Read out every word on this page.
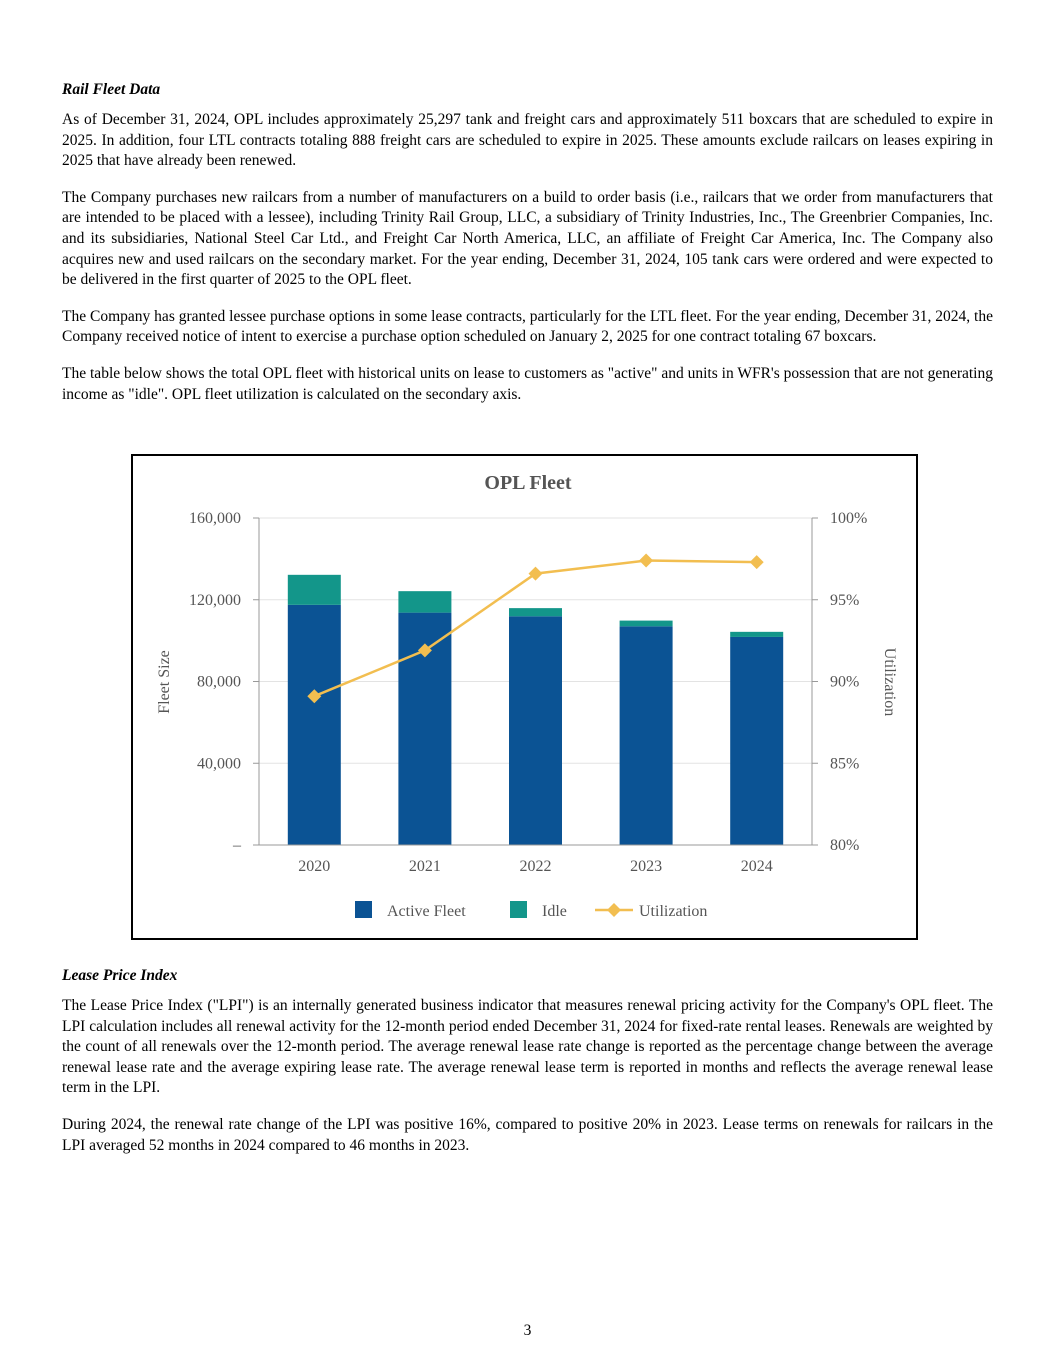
Rail Fleet Data

As of December 31, 2024, OPL includes approximately 25,297 tank and freight cars and approximately 511 boxcars that are scheduled to expire in 2025. In addition, four LTL contracts totaling 888 freight cars are scheduled to expire in 2025. These amounts exclude railcars on leases expiring in 2025 that have already been renewed.

The Company purchases new railcars from a number of manufacturers on a build to order basis (i.e., railcars that we order from manufacturers that are intended to be placed with a lessee), including Trinity Rail Group, LLC, a subsidiary of Trinity Industries, Inc., The Greenbrier Companies, Inc. and its subsidiaries, National Steel Car Ltd., and Freight Car North America, LLC, an affiliate of Freight Car America, Inc. The Company also acquires new and used railcars on the secondary market. For the year ending, December 31, 2024, 105 tank cars were ordered and were expected to be delivered in the first quarter of 2025 to the OPL fleet.

The Company has granted lessee purchase options in some lease contracts, particularly for the LTL fleet. For the year ending, December 31, 2024, the Company received notice of intent to exercise a purchase option scheduled on January 2, 2025 for one contract totaling 67 boxcars.

The table below shows the total OPL fleet with historical units on lease to customers as "active" and units in WFR's possession that are not generating income as "idle". OPL fleet utilization is calculated on the secondary axis.

OPL Fleet
–	80%
40,000	85%
80,000	90%
120,000	95%
160,000	100%
2020	2021	2022	2023	2024
Fleet Size	Utilization
Active Fleet	Idle	Utilization

Lease Price Index

The Lease Price Index ("LPI") is an internally generated business indicator that measures renewal pricing activity for the Company's OPL fleet. The LPI calculation includes all renewal activity for the 12-month period ended December 31, 2024 for fixed-rate rental leases. Renewals are weighted by the count of all renewals over the 12-month period. The average renewal lease rate change is reported as the percentage change between the average renewal lease rate and the average expiring lease rate. The average renewal lease term is reported in months and reflects the average renewal lease term in the LPI.

During 2024, the renewal rate change of the LPI was positive 16%, compared to positive 20% in 2023. Lease terms on renewals for railcars in the LPI averaged 52 months in 2024 compared to 46 months in 2023.

3
